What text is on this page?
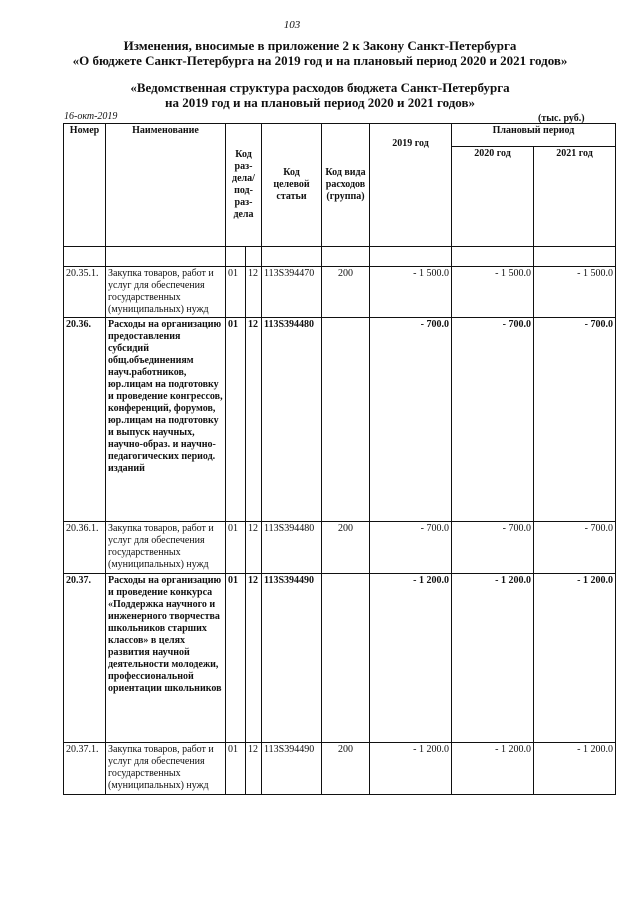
103
Изменения, вносимые в приложение 2 к Закону Санкт-Петербурга
«О бюджете Санкт-Петербурга на 2019 год и на плановый период 2020 и 2021 годов»
«Ведомственная структура расходов бюджета Санкт-Петербурга
на 2019 год и на плановый период 2020 и 2021 годов»
16-окт-2019	(тыс. руб.)
Номер	Наименование	Код раз-дела/ под-раз-дела		Код целевой статьи	Код вида расходов (группа)	2019 год	Плановый период	
							2020 год	2021 год

20.35.1.	Закупка товаров, работ и услуг для обеспечения государственных (муниципальных) нужд	01	12	113S394470	200	- 1 500.0	- 1 500.0	- 1 500.0
20.36.	Расходы на организацию предоставления субсидий общ.объединениям науч.работников, юр.лицам на подготовку и проведение конгрессов, конференций, форумов, юр.лицам на подготовку и выпуск научных, научно-образ. и научно-педагогических период. изданий	01	12	113S394480		- 700.0	- 700.0	- 700.0
20.36.1.	Закупка товаров, работ и услуг для обеспечения государственных (муниципальных) нужд	01	12	113S394480	200	- 700.0	- 700.0	- 700.0
20.37.	Расходы на организацию и проведение конкурса «Поддержка научного и инженерного творчества школьников старших классов» в целях развития научной деятельности молодежи, профессиональной ориентации школьников	01	12	113S394490		- 1 200.0	- 1 200.0	- 1 200.0
20.37.1.	Закупка товаров, работ и услуг для обеспечения государственных (муниципальных) нужд	01	12	113S394490	200	- 1 200.0	- 1 200.0	- 1 200.0
